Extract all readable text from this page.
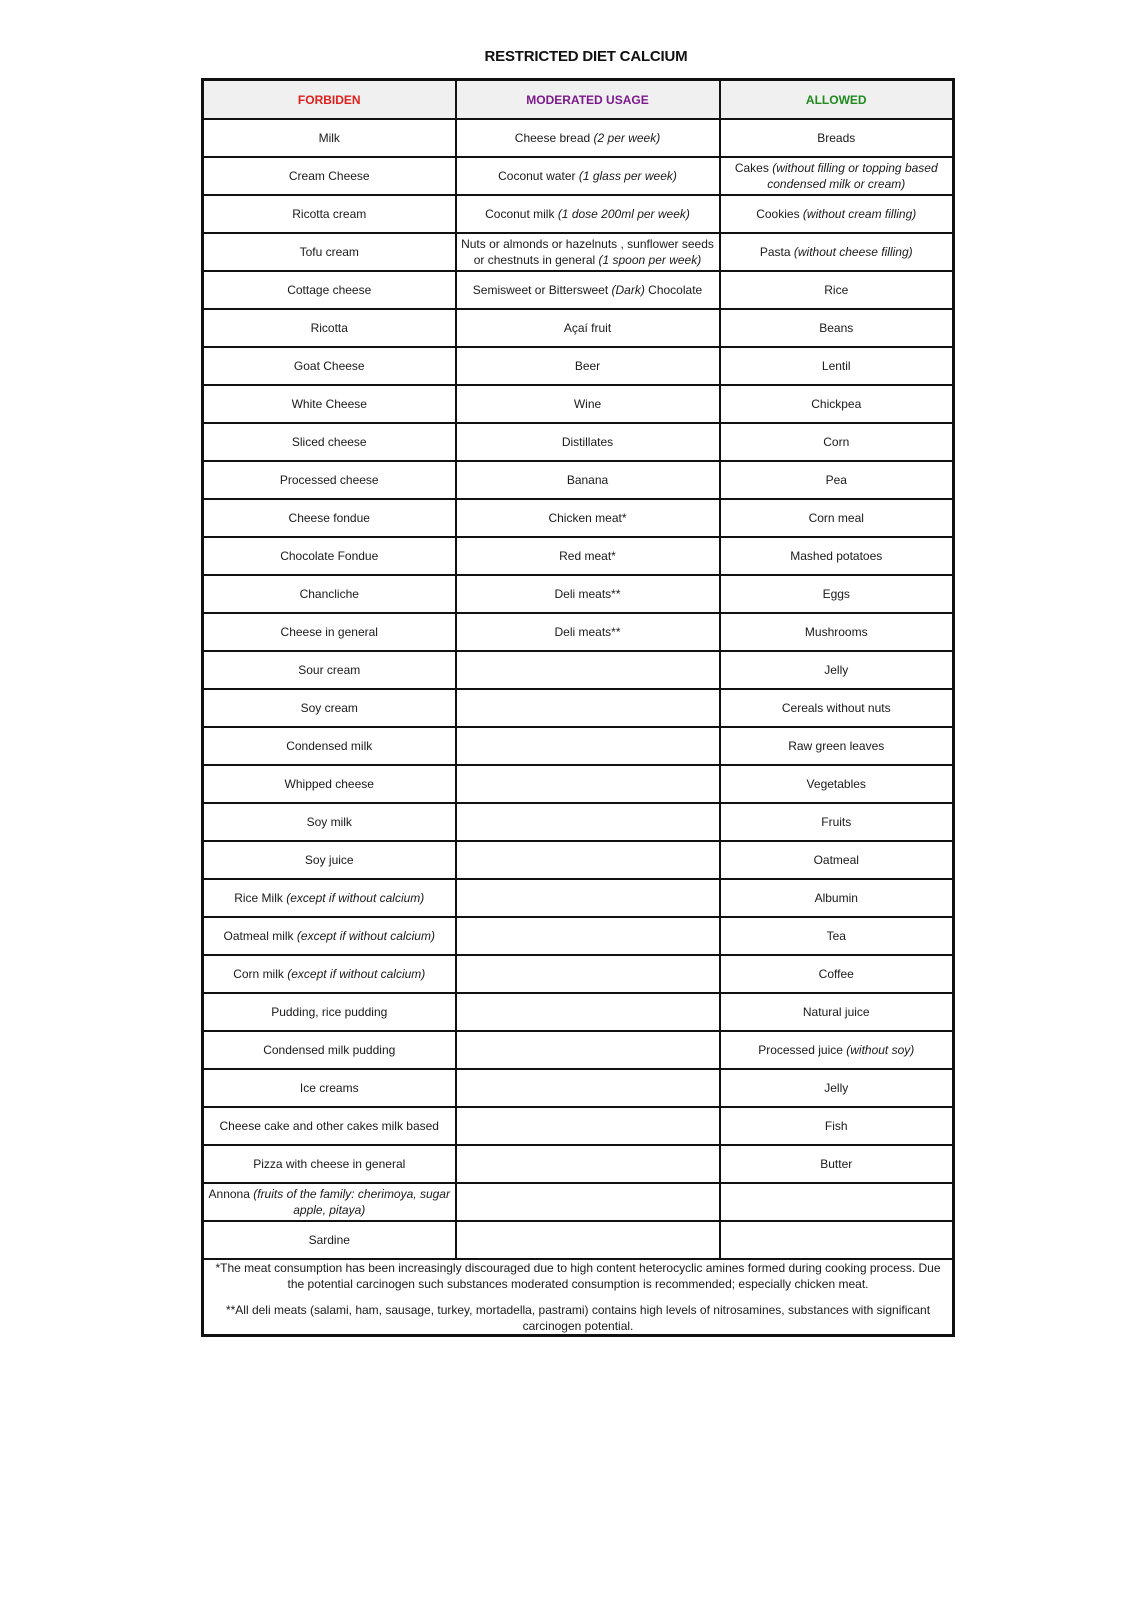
RESTRICTED DIET CALCIUM
FORBIDEN	MODERATED USAGE	ALLOWED
Milk	Cheese bread (2 per week)	Breads
Cream Cheese	Coconut water (1 glass per week)	Cakes (without filling or topping based condensed milk or cream)
Ricotta cream	Coconut milk (1 dose 200ml per week)	Cookies (without cream filling)
Tofu cream	Nuts or almonds or hazelnuts , sunflower seeds or chestnuts in general (1 spoon per week)	Pasta (without cheese filling)
Cottage cheese	Semisweet or Bittersweet (Dark) Chocolate	Rice
Ricotta	Açaí fruit	Beans
Goat Cheese	Beer	Lentil
White Cheese	Wine	Chickpea
Sliced cheese	Distillates	Corn
Processed cheese	Banana	Pea
Cheese fondue	Chicken meat*	Corn meal
Chocolate Fondue	Red meat*	Mashed potatoes
Chancliche	Deli meats**	Eggs
Cheese in general	Deli meats**	Mushrooms
Sour cream		Jelly
Soy cream		Cereals without nuts
Condensed milk		Raw green leaves
Whipped cheese		Vegetables
Soy milk		Fruits
Soy juice		Oatmeal
Rice Milk (except if without calcium)		Albumin
Oatmeal milk (except if without calcium)		Tea
Corn milk (except if without calcium)		Coffee
Pudding, rice pudding		Natural juice
Condensed milk pudding		Processed juice (without soy)
Ice creams		Jelly
Cheese cake and other cakes milk based		Fish
Pizza with cheese in general		Butter
Annona (fruits of the family: cherimoya, sugar apple, pitaya)		
Sardine		

*The meat consumption has been increasingly discouraged due to high content heterocyclic amines formed during cooking process. Due the potential carcinogen such substances moderated consumption is recommended; especially chicken meat.

**All deli meats (salami, ham, sausage, turkey, mortadella, pastrami) contains high levels of nitrosamines, substances with significant carcinogen potential.		
